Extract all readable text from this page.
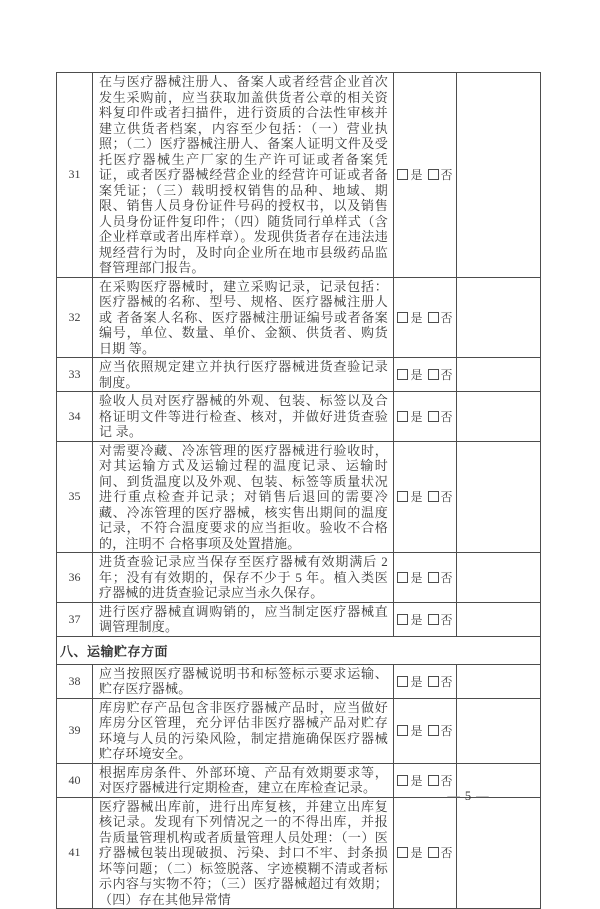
31	在与医疗器械注册人、备案人或者经营企业首次发生采购前，应当获取加盖供货者公章的相关资料复印件或者扫描件，进行资质的合法性审核并建立供货者档案，内容至少包括：（一）营业执照；（二）医疗器械注册人、备案人证明文件及受托医疗器械生产厂家的生产许可证或者备案凭证，或者医疗器械经营企业的经营许可证或者备案凭证；（三）载明授权销售的品种、地域、期限、销售人员身份证件号码的授权书，以及销售人员身份证件复印件；（四）随货同行单样式（含企业样章或者出库样章）。发现供货者存在违法违规经营行为时，及时向企业所在地市县级药品监督管理部门报告。	是 否	
32	在采购医疗器械时，建立采购记录，记录包括：医疗器械的名称、型号、规格、医疗器械注册人或 者备案人名称、医疗器械注册证编号或者备案编号，单位、数量、单价、金额、供货者、购货日期 等。	是 否	
33	应当依照规定建立并执行医疗器械进货查验记录制度。	是 否	
34	验收人员对医疗器械的外观、包装、标签以及合格证明文件等进行检查、核对，并做好进货查验记 录。	是 否	
35	对需要冷藏、冷冻管理的医疗器械进行验收时，对其运输方式及运输过程的温度记录、运输时间、到货温度以及外观、包装、标签等质量状况进行重点检查并记录；对销售后退回的需要冷藏、冷冻管理的医疗器械，核实售出期间的温度记录，不符合温度要求的应当拒收。验收不合格的，注明不 合格事项及处置措施。	是 否	
36	进货查验记录应当保存至医疗器械有效期满后 2 年；没有有效期的，保存不少于 5 年。植入类医疗器械的进货查验记录应当永久保存。	是 否	
37	进行医疗器械直调购销的，应当制定医疗器械直调管理制度。	是 否	
八、运输贮存方面			
38	应当按照医疗器械说明书和标签标示要求运输、贮存医疗器械。	是 否	
39	库房贮存产品包含非医疗器械产品时，应当做好库房分区管理，充分评估非医疗器械产品对贮存环境与人员的污染风险，制定措施确保医疗器械贮存环境安全。	是 否	
40	根据库房条件、外部环境、产品有效期要求等，对医疗器械进行定期检查，建立在库检查记录。	是 否	
41	医疗器械出库前，进行出库复核，并建立出库复核记录。发现有下列情况之一的不得出库，并报告质量管理机构或者质量管理人员处理：（一）医疗器械包装出现破损、污染、封口不牢、封条损坏等问题；（二）标签脱落、字迹模糊不清或者标示内容与实物不符；（三）医疗器械超过有效期；（四）存在其他异常情	是 否	
— 5 —
